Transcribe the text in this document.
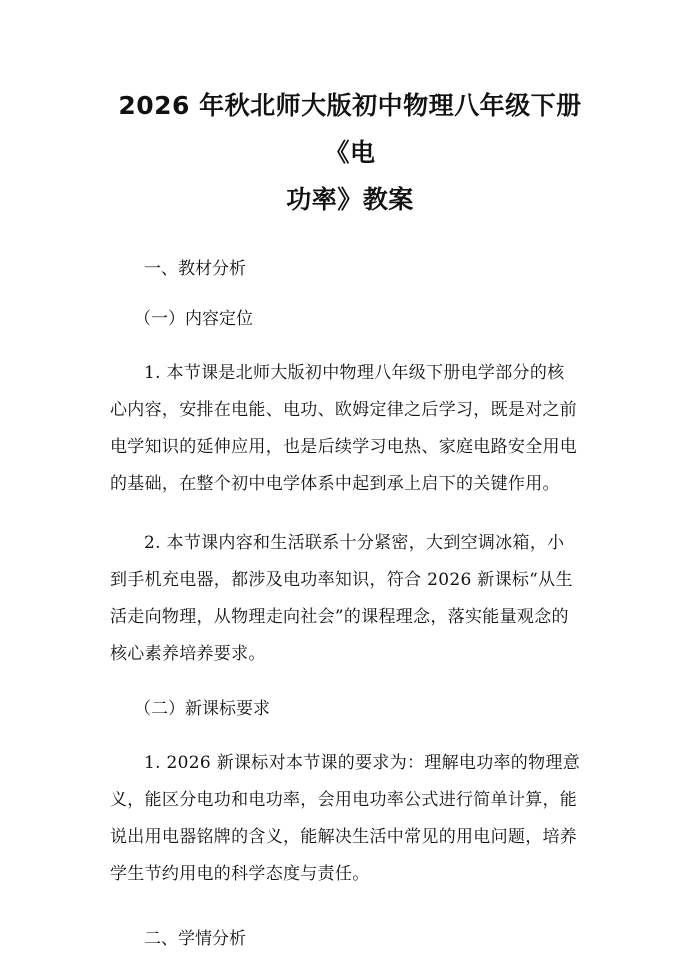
2026 年秋北师大版初中物理八年级下册《电
功率》教案
一、教材分析
（一）内容定位
1. 本节课是北师大版初中物理八年级下册电学部分的核
心内容，安排在电能、电功、欧姆定律之后学习，既是对之前
电学知识的延伸应用，也是后续学习电热、家庭电路安全用电
的基础，在整个初中电学体系中起到承上启下的关键作用。
2. 本节课内容和生活联系十分紧密，大到空调冰箱，小
到手机充电器，都涉及电功率知识，符合 2026 新课标“从生
活走向物理，从物理走向社会”的课程理念，落实能量观念的
核心素养培养要求。
（二）新课标要求
1. 2026 新课标对本节课的要求为：理解电功率的物理意
义，能区分电功和电功率，会用电功率公式进行简单计算，能
说出用电器铭牌的含义，能解决生活中常见的用电问题，培养
学生节约用电的科学态度与责任。
二、学情分析
